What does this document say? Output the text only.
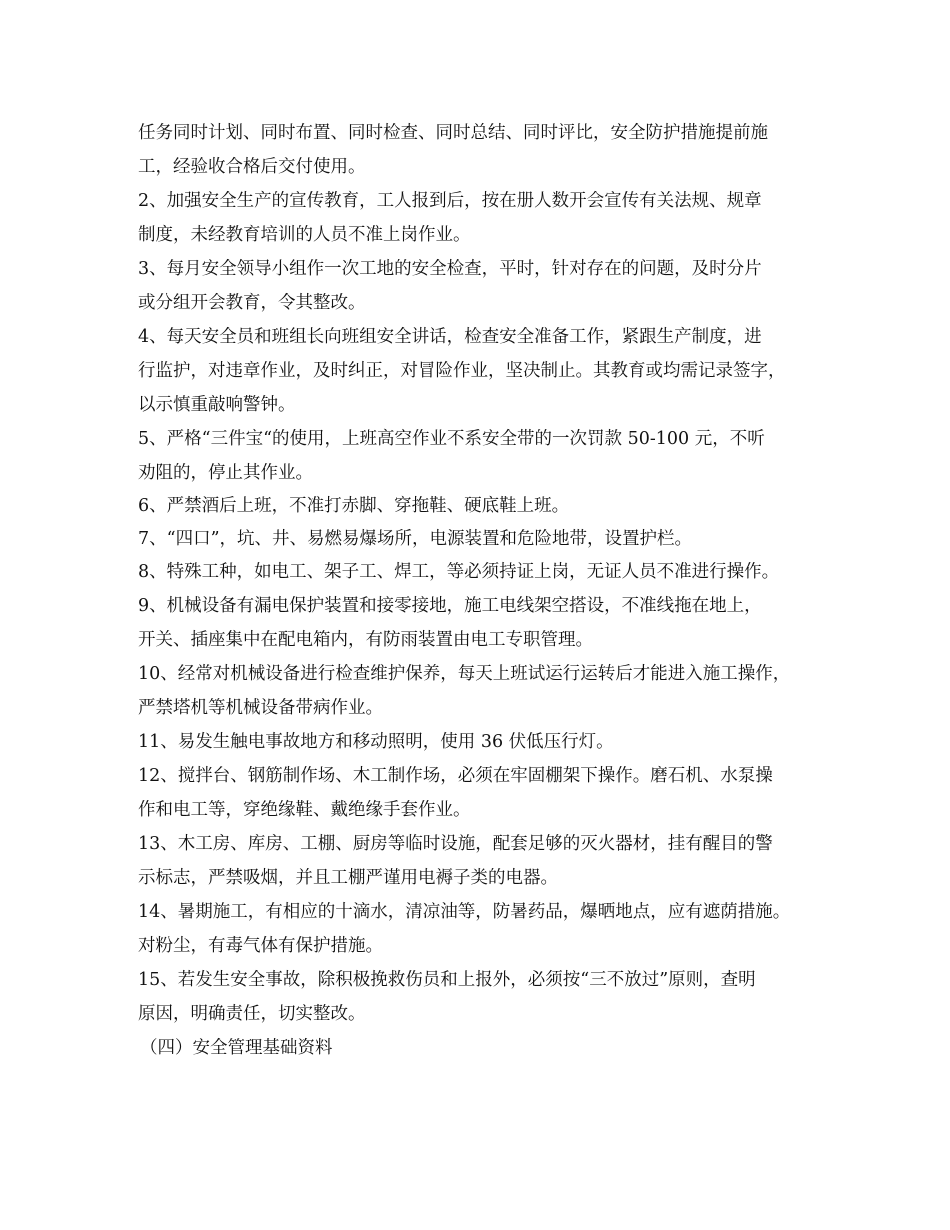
任务同时计划、同时布置、同时检查、同时总结、同时评比，安全防护措施提前施
工，经验收合格后交付使用。
2、加强安全生产的宣传教育，工人报到后，按在册人数开会宣传有关法规、规章
制度，未经教育培训的人员不准上岗作业。
3、每月安全领导小组作一次工地的安全检查，平时，针对存在的问题，及时分片
或分组开会教育，令其整改。
4、每天安全员和班组长向班组安全讲话，检查安全准备工作，紧跟生产制度，进
行监护，对违章作业，及时纠正，对冒险作业，坚决制止。其教育或均需记录签字，
以示慎重敲响警钟。
5、严格“三件宝“的使用，上班高空作业不系安全带的一次罚款 50-100 元，不听
劝阻的，停止其作业。
6、严禁酒后上班，不准打赤脚、穿拖鞋、硬底鞋上班。
7、“四口”，坑、井、易燃易爆场所，电源装置和危险地带，设置护栏。
8、特殊工种，如电工、架子工、焊工，等必须持证上岗，无证人员不准进行操作。
9、机械设备有漏电保护装置和接零接地，施工电线架空搭设，不准线拖在地上，
开关、插座集中在配电箱内，有防雨装置由电工专职管理。
10、经常对机械设备进行检查维护保养，每天上班试运行运转后才能进入施工操作，
严禁塔机等机械设备带病作业。
11、易发生触电事故地方和移动照明，使用 36 伏低压行灯。
12、搅拌台、钢筋制作场、木工制作场，必须在牢固棚架下操作。磨石机、水泵操
作和电工等，穿绝缘鞋、戴绝缘手套作业。
13、木工房、库房、工棚、厨房等临时设施，配套足够的灭火器材，挂有醒目的警
示标志，严禁吸烟，并且工棚严谨用电褥子类的电器。
14、暑期施工，有相应的十滴水，清凉油等，防暑药品，爆晒地点，应有遮荫措施。
对粉尘，有毒气体有保护措施。
15、若发生安全事故，除积极挽救伤员和上报外，必须按“三不放过”原则，查明
原因，明确责任，切实整改。
（四）安全管理基础资料
